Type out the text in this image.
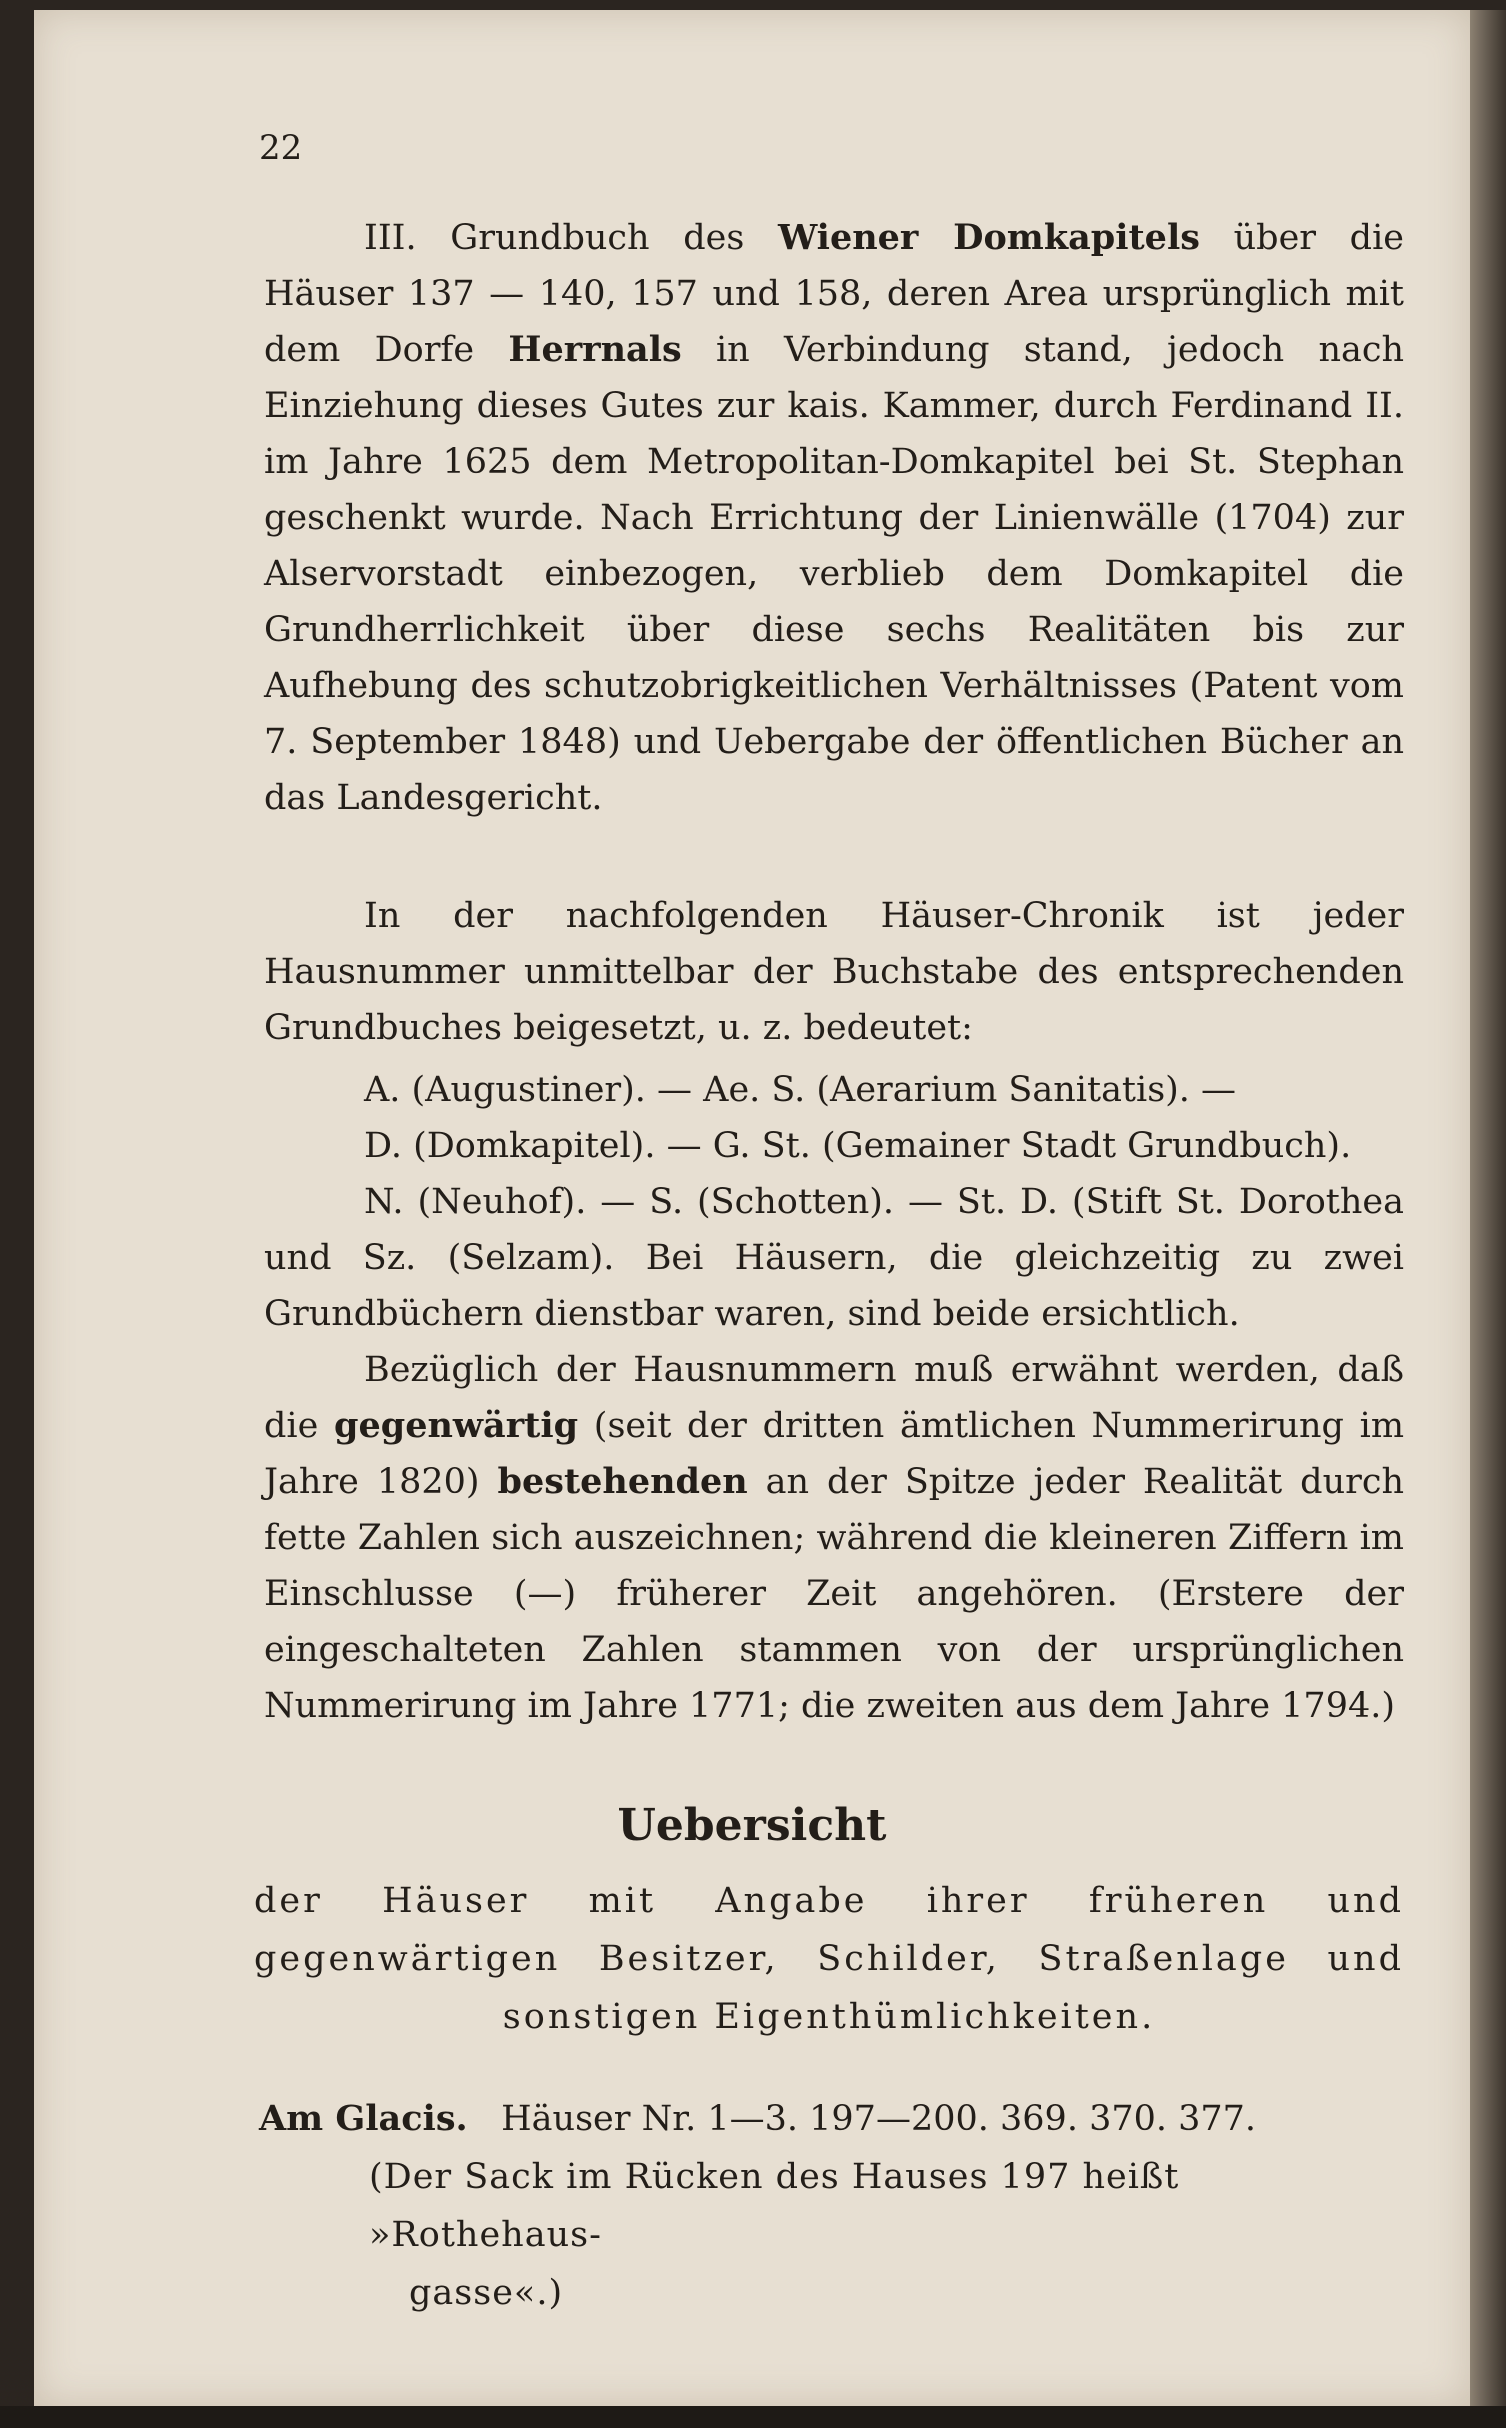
22

III. Grundbuch des Wiener Domkapitels über die Häuser 137 — 140, 157 und 158, deren Area ursprünglich mit dem Dorfe Herrnals in Verbindung stand, jedoch nach Einziehung dieses Gutes zur kais. Kammer, durch Ferdinand II. im Jahre 1625 dem Metropolitan-Domkapitel bei St. Stephan geschenkt wurde. Nach Errichtung der Linienwälle (1704) zur Alservorstadt einbezogen, verblieb dem Domkapitel die Grundherrlichkeit über diese sechs Realitäten bis zur Aufhebung des schutzobrigkeitlichen Verhältnisses (Patent vom 7. September 1848) und Uebergabe der öffentlichen Bücher an das Landesgericht.

In der nachfolgenden Häuser-Chronik ist jeder Hausnummer unmittelbar der Buchstabe des entsprechenden Grundbuches beigesetzt, u. z. bedeutet:

A. (Augustiner). — Ae. S. (Aerarium Sanitatis). —
D. (Domkapitel). — G. St. (Gemainer Stadt Grundbuch).
N. (Neuhof). — S. (Schotten). — St. D. (Stift St. Dorothea und Sz. (Selzam). Bei Häusern, die gleichzeitig zu zwei Grundbüchern dienstbar waren, sind beide ersichtlich.

Bezüglich der Hausnummern muß erwähnt werden, daß die gegenwärtig (seit der dritten ämtlichen Nummerirung im Jahre 1820) bestehenden an der Spitze jeder Realität durch fette Zahlen sich auszeichnen; während die kleineren Ziffern im Einschlusse (—) früherer Zeit angehören. (Erstere der eingeschalteten Zahlen stammen von der ursprünglichen Nummerirung im Jahre 1771; die zweiten aus dem Jahre 1794.)

Uebersicht
der Häuser mit Angabe ihrer früheren und gegenwärtigen Besitzer, Schilder, Straßenlage und sonstigen Eigenthümlichkeiten.
Am Glacis. Häuser Nr. 1—3. 197—200. 369. 370. 377.
(Der Sack im Rücken des Hauses 197 heißt »Rothehaus-
gasse«.)
